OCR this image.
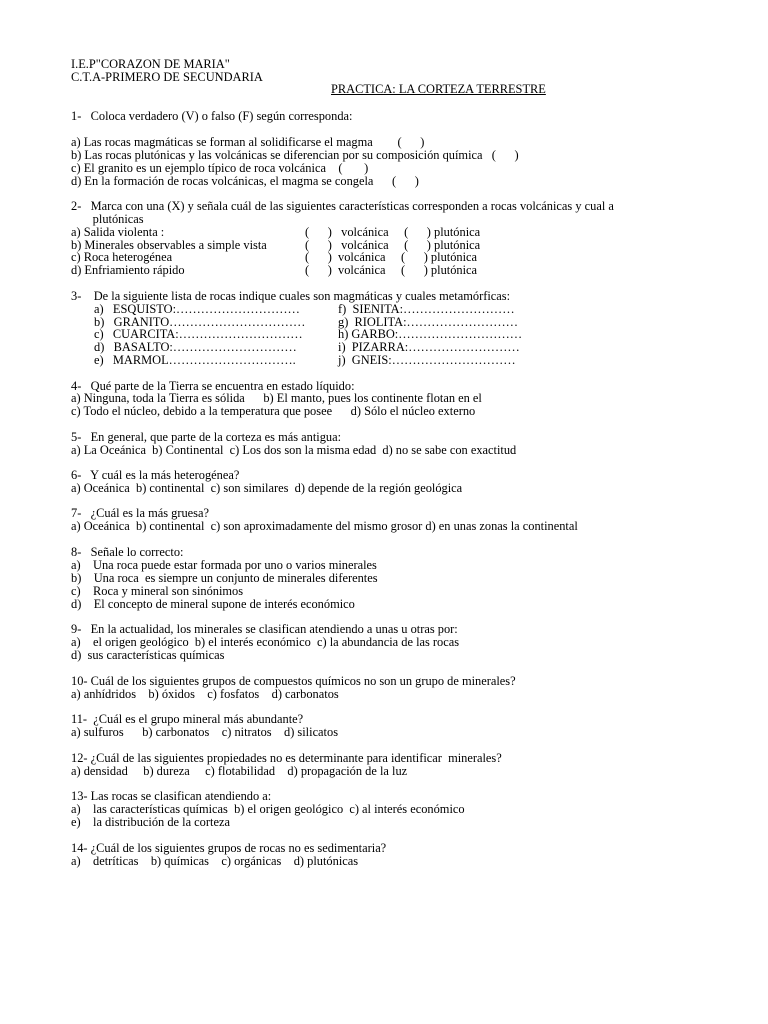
I.E.P"CORAZON DE MARIA"
C.T.A-PRIMERO DE SECUNDARIA
PRACTICA: LA CORTEZA TERRESTRE
1-   Coloca verdadero (V) o falso (F) según corresponda:
a) Las rocas magmáticas se forman al solidificarse el magma        (      )
b) Las rocas plutónicas y las volcánicas se diferencian por su composición química   (      )
c) El granito es un ejemplo típico de roca volcánica    (       )
d) En la formación de rocas volcánicas, el magma se congela      (      )
2-   Marca con una (X) y señala cuál de las siguientes características corresponden a rocas volcánicas y cual a
plutónicas
a) Salida violenta :	(      )   volcánica     (      ) plutónica
b) Minerales observables a simple vista	(      )   volcánica     (      ) plutónica
c) Roca heterogénea	(      )  volcánica     (      ) plutónica
d) Enfriamiento rápido	(      )  volcánica     (      ) plutónica
3-    De la siguiente lista de rocas indique cuales son magmáticas y cuales metamórficas:
a)   ESQUISTO:…………………………	f)  SIENITA:………………………
b)   GRANITO……………………………	g)  RIOLITA:………………………
c)   CUARCITA:…………………………	h) GARBO:…………………………
d)   BASALTO:…………………………	i)  PIZARRA:………………………
e)   MARMOL………………………….	j)  GNEIS:…………………………
4-   Qué parte de la Tierra se encuentra en estado líquido:
a) Ninguna, toda la Tierra es sólida      b) El manto, pues los continente flotan en el
c) Todo el núcleo, debido a la temperatura que posee      d) Sólo el núcleo externo
5-   En general, que parte de la corteza es más antigua:
a) La Oceánica  b) Continental  c) Los dos son la misma edad  d) no se sabe con exactitud
6-   Y cuál es la más heterogénea?
a) Oceánica  b) continental  c) son similares  d) depende de la región geológica
7-   ¿Cuál es la más gruesa?
a) Oceánica  b) continental  c) son aproximadamente del mismo grosor d) en unas zonas la continental
8-   Señale lo correcto:
a)    Una roca puede estar formada por uno o varios minerales
b)    Una roca  es siempre un conjunto de minerales diferentes
c)    Roca y mineral son sinónimos
d)    El concepto de mineral supone de interés económico
9-   En la actualidad, los minerales se clasifican atendiendo a unas u otras por:
a)    el origen geológico  b) el interés económico  c) la abundancia de las rocas
d)  sus características químicas
10- Cuál de los siguientes grupos de compuestos químicos no son un grupo de minerales?
a) anhídridos    b) óxidos    c) fosfatos    d) carbonatos
11-  ¿Cuál es el grupo mineral más abundante?
a) sulfuros      b) carbonatos    c) nitratos    d) silicatos
12- ¿Cuál de las siguientes propiedades no es determinante para identificar  minerales?
a) densidad     b) dureza     c) flotabilidad    d) propagación de la luz
13- Las rocas se clasifican atendiendo a:
a)    las características químicas  b) el origen geológico  c) al interés económico
e)    la distribución de la corteza
14- ¿Cuál de los siguientes grupos de rocas no es sedimentaria?
a)    detríticas    b) químicas    c) orgánicas    d) plutónicas
